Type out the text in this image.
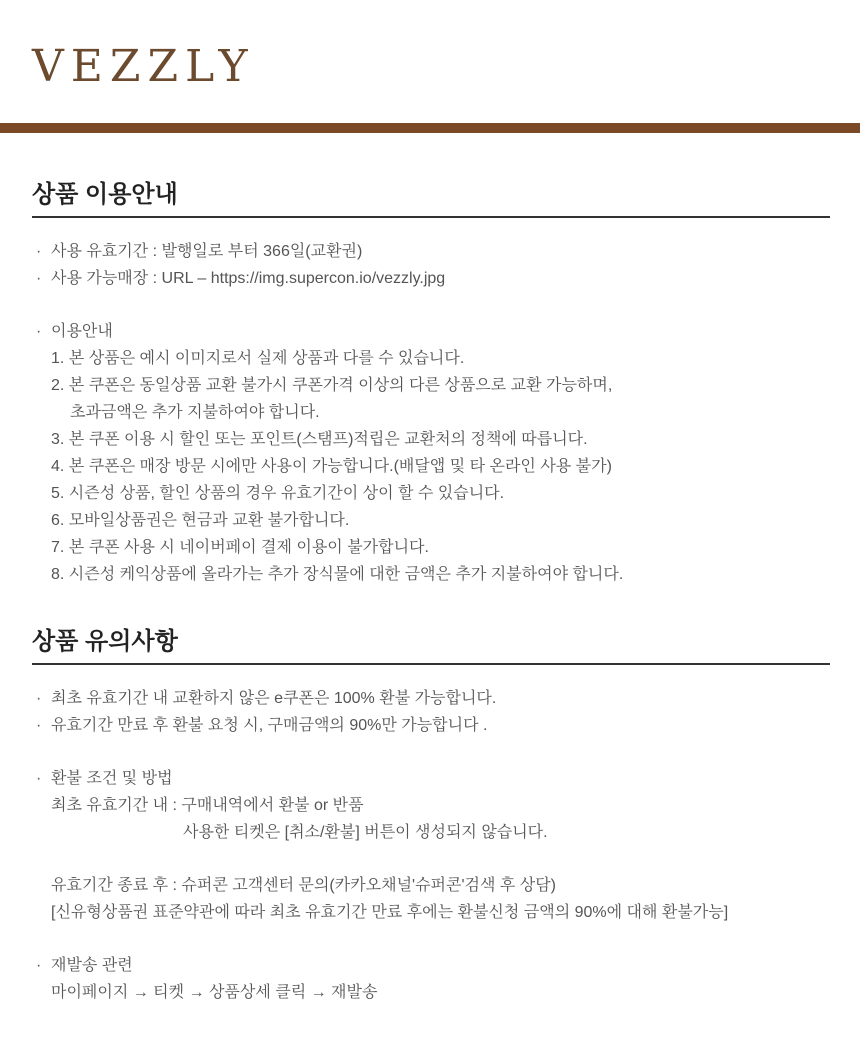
VEZZLY
상품 이용안내
· 사용 유효기간 : 발행일로 부터 366일(교환권)
· 사용 가능매장 : URL – https://img.supercon.io/vezzly.jpg
· 이용안내
1. 본 상품은 예시 이미지로서 실제 상품과 다를 수 있습니다.
2. 본 쿠폰은 동일상품 교환 불가시 쿠폰가격 이상의 다른 상품으로 교환 가능하며,
초과금액은 추가 지불하여야 합니다.
3. 본 쿠폰 이용 시 할인 또는 포인트(스탬프)적립은 교환처의 정책에 따릅니다.
4. 본 쿠폰은 매장 방문 시에만 사용이 가능합니다.(배달앱 및 타 온라인 사용 불가)
5. 시즌성 상품, 할인 상품의 경우 유효기간이 상이 할 수 있습니다.
6. 모바일상품권은 현금과 교환 불가합니다.
7. 본 쿠폰 사용 시 네이버페이 결제 이용이 불가합니다.
8. 시즌성 케익상품에 올라가는 추가 장식물에 대한 금액은 추가 지불하여야 합니다.
상품 유의사항
· 최초 유효기간 내 교환하지 않은 e쿠폰은 100% 환불 가능합니다.
· 유효기간 만료 후 환불 요청 시, 구매금액의 90%만 가능합니다 .
· 환불 조건 및 방법
최초 유효기간 내 : 구매내역에서 환불 or 반품
사용한 티켓은 [취소/환불] 버튼이 생성되지 않습니다.
유효기간 종료 후 : 슈퍼콘 고객센터 문의(카카오채널'슈퍼콘'검색 후 상담)
[신유형상품권 표준약관에 따라 최초 유효기간 만료 후에는 환불신청 금액의 90%에 대해 환불가능]
· 재발송 관련
마이페이지 → 티켓 → 상품상세 클릭 → 재발송
